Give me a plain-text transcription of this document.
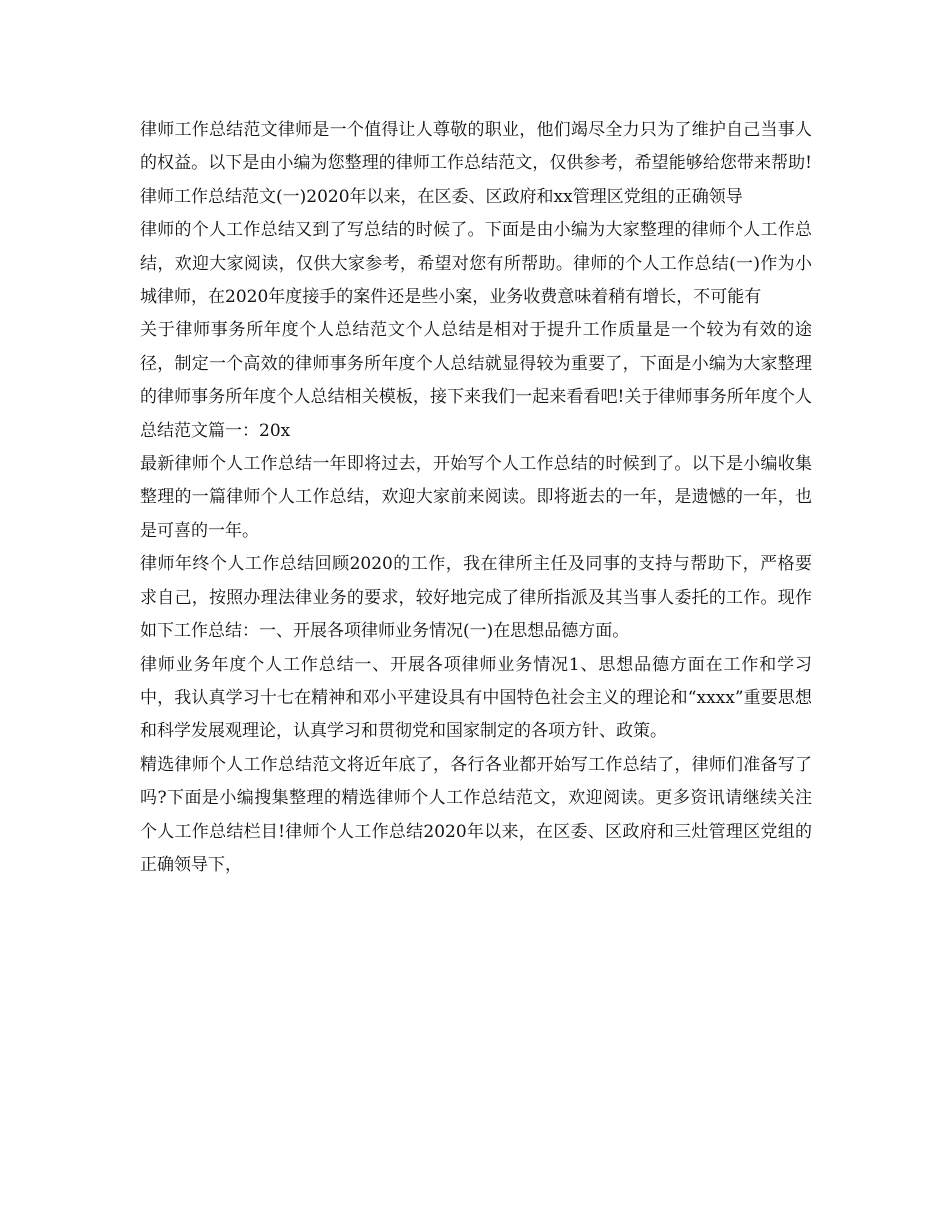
律师工作总结范文律师是一个值得让人尊敬的职业，他们竭尽全力只为了维护自己当事人的权益。以下是由小编为您整理的律师工作总结范文，仅供参考，希望能够给您带来帮助!律师工作总结范文(一)2020年以来，在区委、区政府和xx管理区党组的正确领导

律师的个人工作总结又到了写总结的时候了。下面是由小编为大家整理的律师个人工作总结，欢迎大家阅读，仅供大家参考，希望对您有所帮助。律师的个人工作总结(一)作为小城律师，在2020年度接手的案件还是些小案，业务收费意味着稍有增长，不可能有

关于律师事务所年度个人总结范文个人总结是相对于提升工作质量是一个较为有效的途径，制定一个高效的律师事务所年度个人总结就显得较为重要了，下面是小编为大家整理的律师事务所年度个人总结相关模板，接下来我们一起来看看吧!关于律师事务所年度个人总结范文篇一：20x

最新律师个人工作总结一年即将过去，开始写个人工作总结的时候到了。以下是小编收集整理的一篇律师个人工作总结，欢迎大家前来阅读。即将逝去的一年，是遗憾的一年，也是可喜的一年。

律师年终个人工作总结回顾2020的工作，我在律所主任及同事的支持与帮助下，严格要求自己，按照办理法律业务的要求，较好地完成了律所指派及其当事人委托的工作。现作如下工作总结：一、开展各项律师业务情况(一)在思想品德方面。

律师业务年度个人工作总结一、开展各项律师业务情况1、思想品德方面在工作和学习中，我认真学习十七在精神和邓小平建设具有中国特色社会主义的理论和“xxxx”重要思想和科学发展观理论，认真学习和贯彻党和国家制定的各项方针、政策。

精选律师个人工作总结范文将近年底了，各行各业都开始写工作总结了，律师们准备写了吗?下面是小编搜集整理的精选律师个人工作总结范文，欢迎阅读。更多资讯请继续关注个人工作总结栏目!律师个人工作总结2020年以来，在区委、区政府和三灶管理区党组的正确领导下，
